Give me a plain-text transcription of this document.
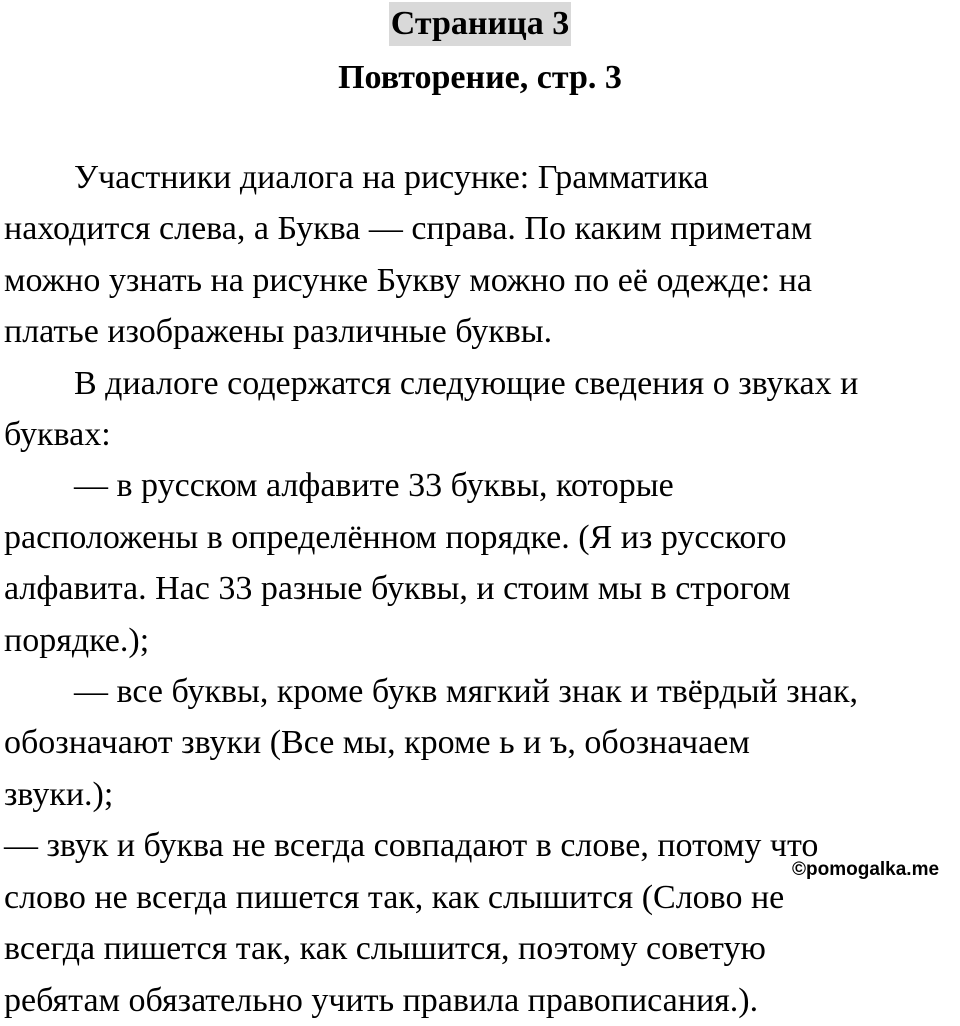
Страница 3
Повторение, стр. 3

Участники диалога на рисунке: Грамматика

находится слева, а Буква — справа. По каким приметам

можно узнать на рисунке Букву можно по её одежде: на

платье изображены различные буквы.

В диалоге содержатся следующие сведения о звуках и

буквах:

— в русском алфавите 33 буквы, которые

расположены в определённом порядке. (Я из русского

алфавита. Нас 33 разные буквы, и стоим мы в строгом

порядке.);

— все буквы, кроме букв мягкий знак и твёрдый знак,

обозначают звуки (Все мы, кроме ь и ъ, обозначаем

звуки.);

— звук и буква не всегда совпадают в слове, потому что

слово не всегда пишется так, как слышится (Слово не

всегда пишется так, как слышится, поэтому советую

ребятам обязательно учить правила правописания.).

©pomogalka.me
